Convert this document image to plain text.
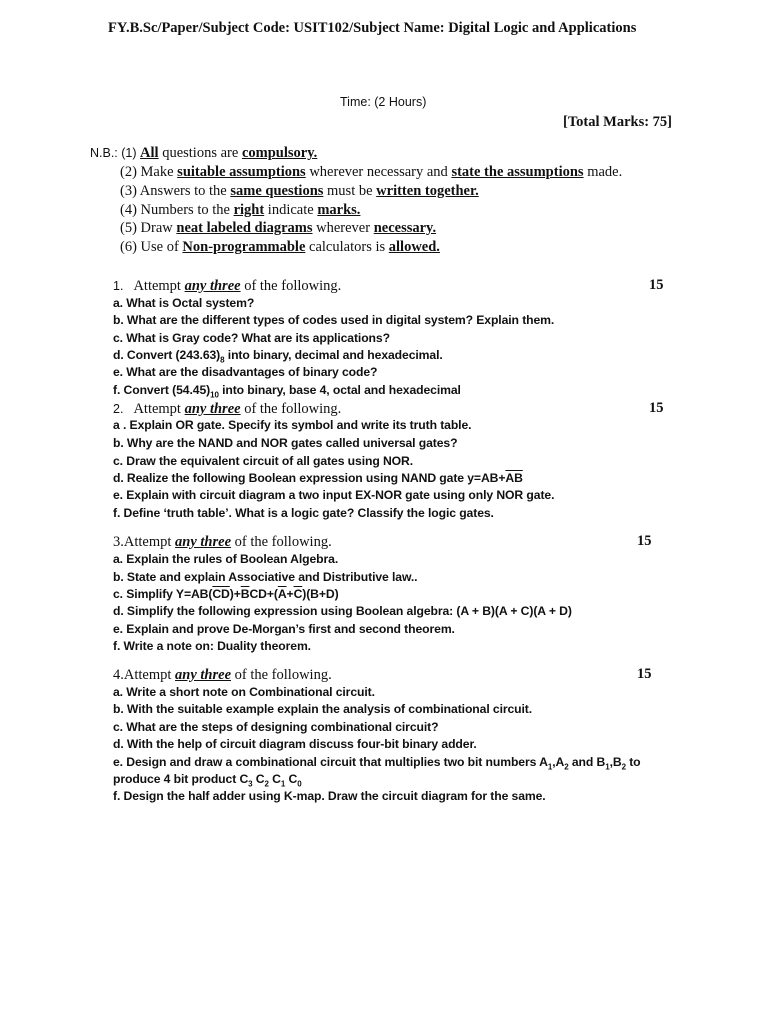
FY.B.Sc/Paper/Subject Code: USIT102/Subject Name: Digital Logic and Applications
Time: (2 Hours)
[Total Marks: 75]
N.B.: (1) All questions are compulsory.
(2) Make suitable assumptions wherever necessary and state the assumptions made.
(3) Answers to the same questions must be written together.
(4) Numbers to the right indicate marks.
(5) Draw neat labeled diagrams wherever necessary.
(6) Use of Non-programmable calculators is allowed.
1. Attempt any three of the following.	15
a. What is Octal system?
b. What are the different types of codes used in digital system? Explain them.
c. What is Gray code? What are its applications?
d. Convert $(243.63)_8$ into binary, decimal and hexadecimal.
e. What are the disadvantages of binary code?
f. Convert $(54.45)_{10}$ into binary, base 4, octal and hexadecimal
2. Attempt any three of the following.	15
a . Explain OR gate. Specify its symbol and write its truth table.
b. Why are the NAND and NOR gates called universal gates?
c. Draw the equivalent circuit of all gates using NOR.
d. Realize the following Boolean expression using NAND gate $y=AB+\overline{AB}$
e. Explain with circuit diagram a two input EX-NOR gate using only NOR gate.
f. Define ‘truth table’. What is a logic gate? Classify the logic gates.
3.Attempt any three of the following.	15
a. Explain the rules of Boolean Algebra.
b. State and explain Associative and Distributive law..
c. Simplify $Y=AB(\overline{CD})+\overline{B}CD+(\overline{A}+\overline{C})(B+D)$
d. Simplify the following expression using Boolean algebra: (A + B)(A + C)(A + D)
e. Explain and prove De-Morgan’s first and second theorem.
f. Write a note on: Duality theorem.
4.Attempt any three of the following.	15
a. Write a short note on Combinational circuit.
b. With the suitable example explain the analysis of combinational circuit.
c. What are the steps of designing combinational circuit?
d. With the help of circuit diagram discuss four-bit binary adder.
e. Design and draw a combinational circuit that multiplies two bit numbers $A_1,A_2$ and $B_1,B_2$ to
produce 4 bit product $C_3$ $C_2$ $C_1$ $C_0$
f. Design the half adder using K-map. Draw the circuit diagram for the same.
